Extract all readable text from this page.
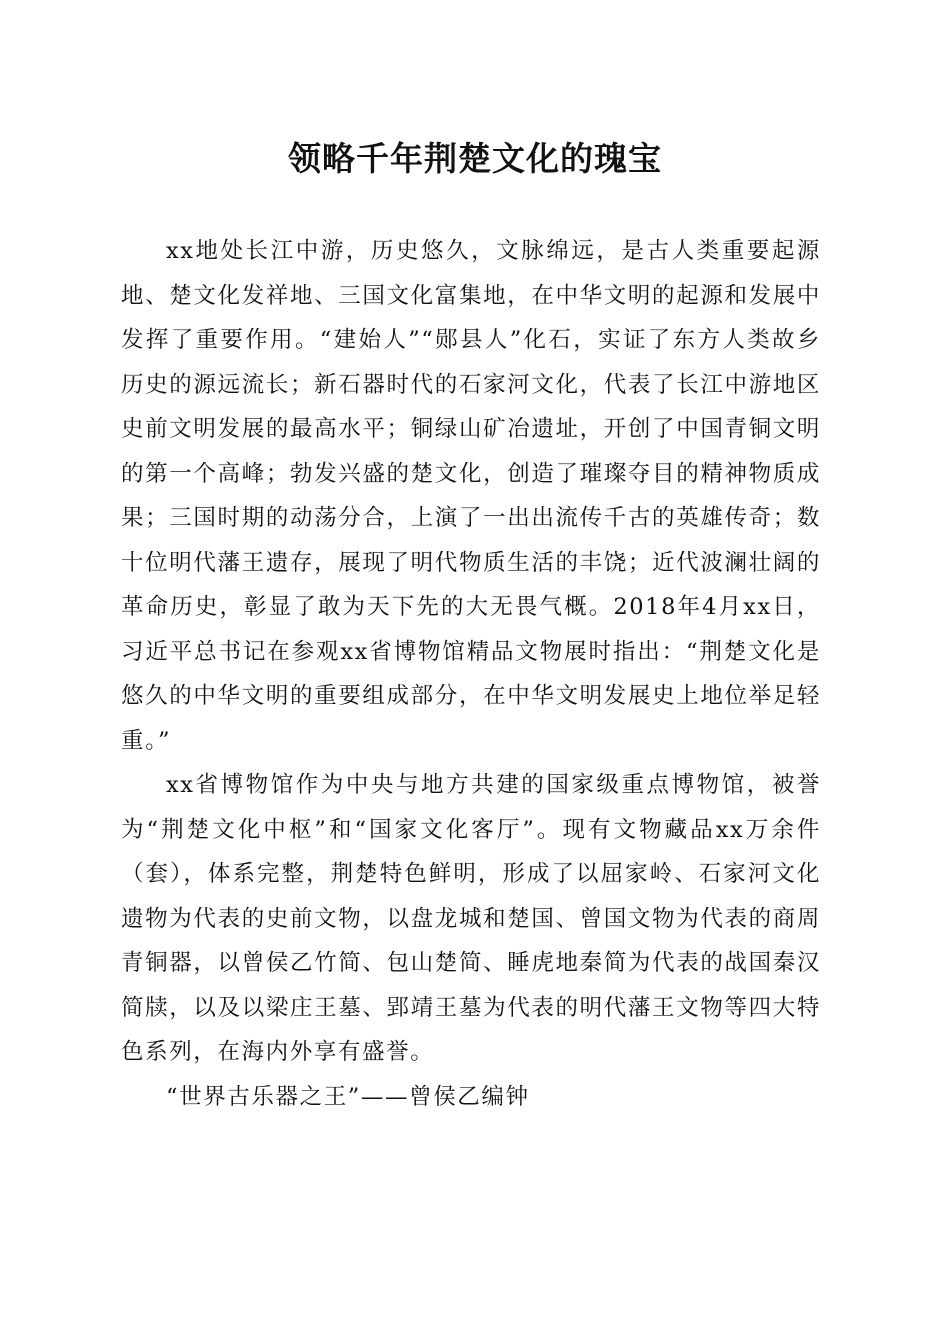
领略千年荆楚文化的瑰宝

xx地处长江中游，历史悠久，文脉绵远，是古人类重要起源地、楚文化发祥地、三国文化富集地，在中华文明的起源和发展中发挥了重要作用。“建始人”“郧县人”化石，实证了东方人类故乡历史的源远流长；新石器时代的石家河文化，代表了长江中游地区史前文明发展的最高水平；铜绿山矿冶遗址，开创了中国青铜文明的第一个高峰；勃发兴盛的楚文化，创造了璀璨夺目的精神物质成果；三国时期的动荡分合，上演了一出出流传千古的英雄传奇；数十位明代藩王遗存，展现了明代物质生活的丰饶；近代波澜壮阔的革命历史，彰显了敢为天下先的大无畏气概。2018年4月xx日，习近平总书记在参观xx省博物馆精品文物展时指出：“荆楚文化是悠久的中华文明的重要组成部分，在中华文明发展史上地位举足轻重。”

xx省博物馆作为中央与地方共建的国家级重点博物馆，被誉为“荆楚文化中枢”和“国家文化客厅”。现有文物藏品xx万余件（套），体系完整，荆楚特色鲜明，形成了以屈家岭、石家河文化遗物为代表的史前文物，以盘龙城和楚国、曾国文物为代表的商周青铜器，以曾侯乙竹简、包山楚简、睡虎地秦简为代表的战国秦汉简牍，以及以梁庄王墓、郢靖王墓为代表的明代藩王文物等四大特色系列，在海内外享有盛誉。

“世界古乐器之王”——曾侯乙编钟
